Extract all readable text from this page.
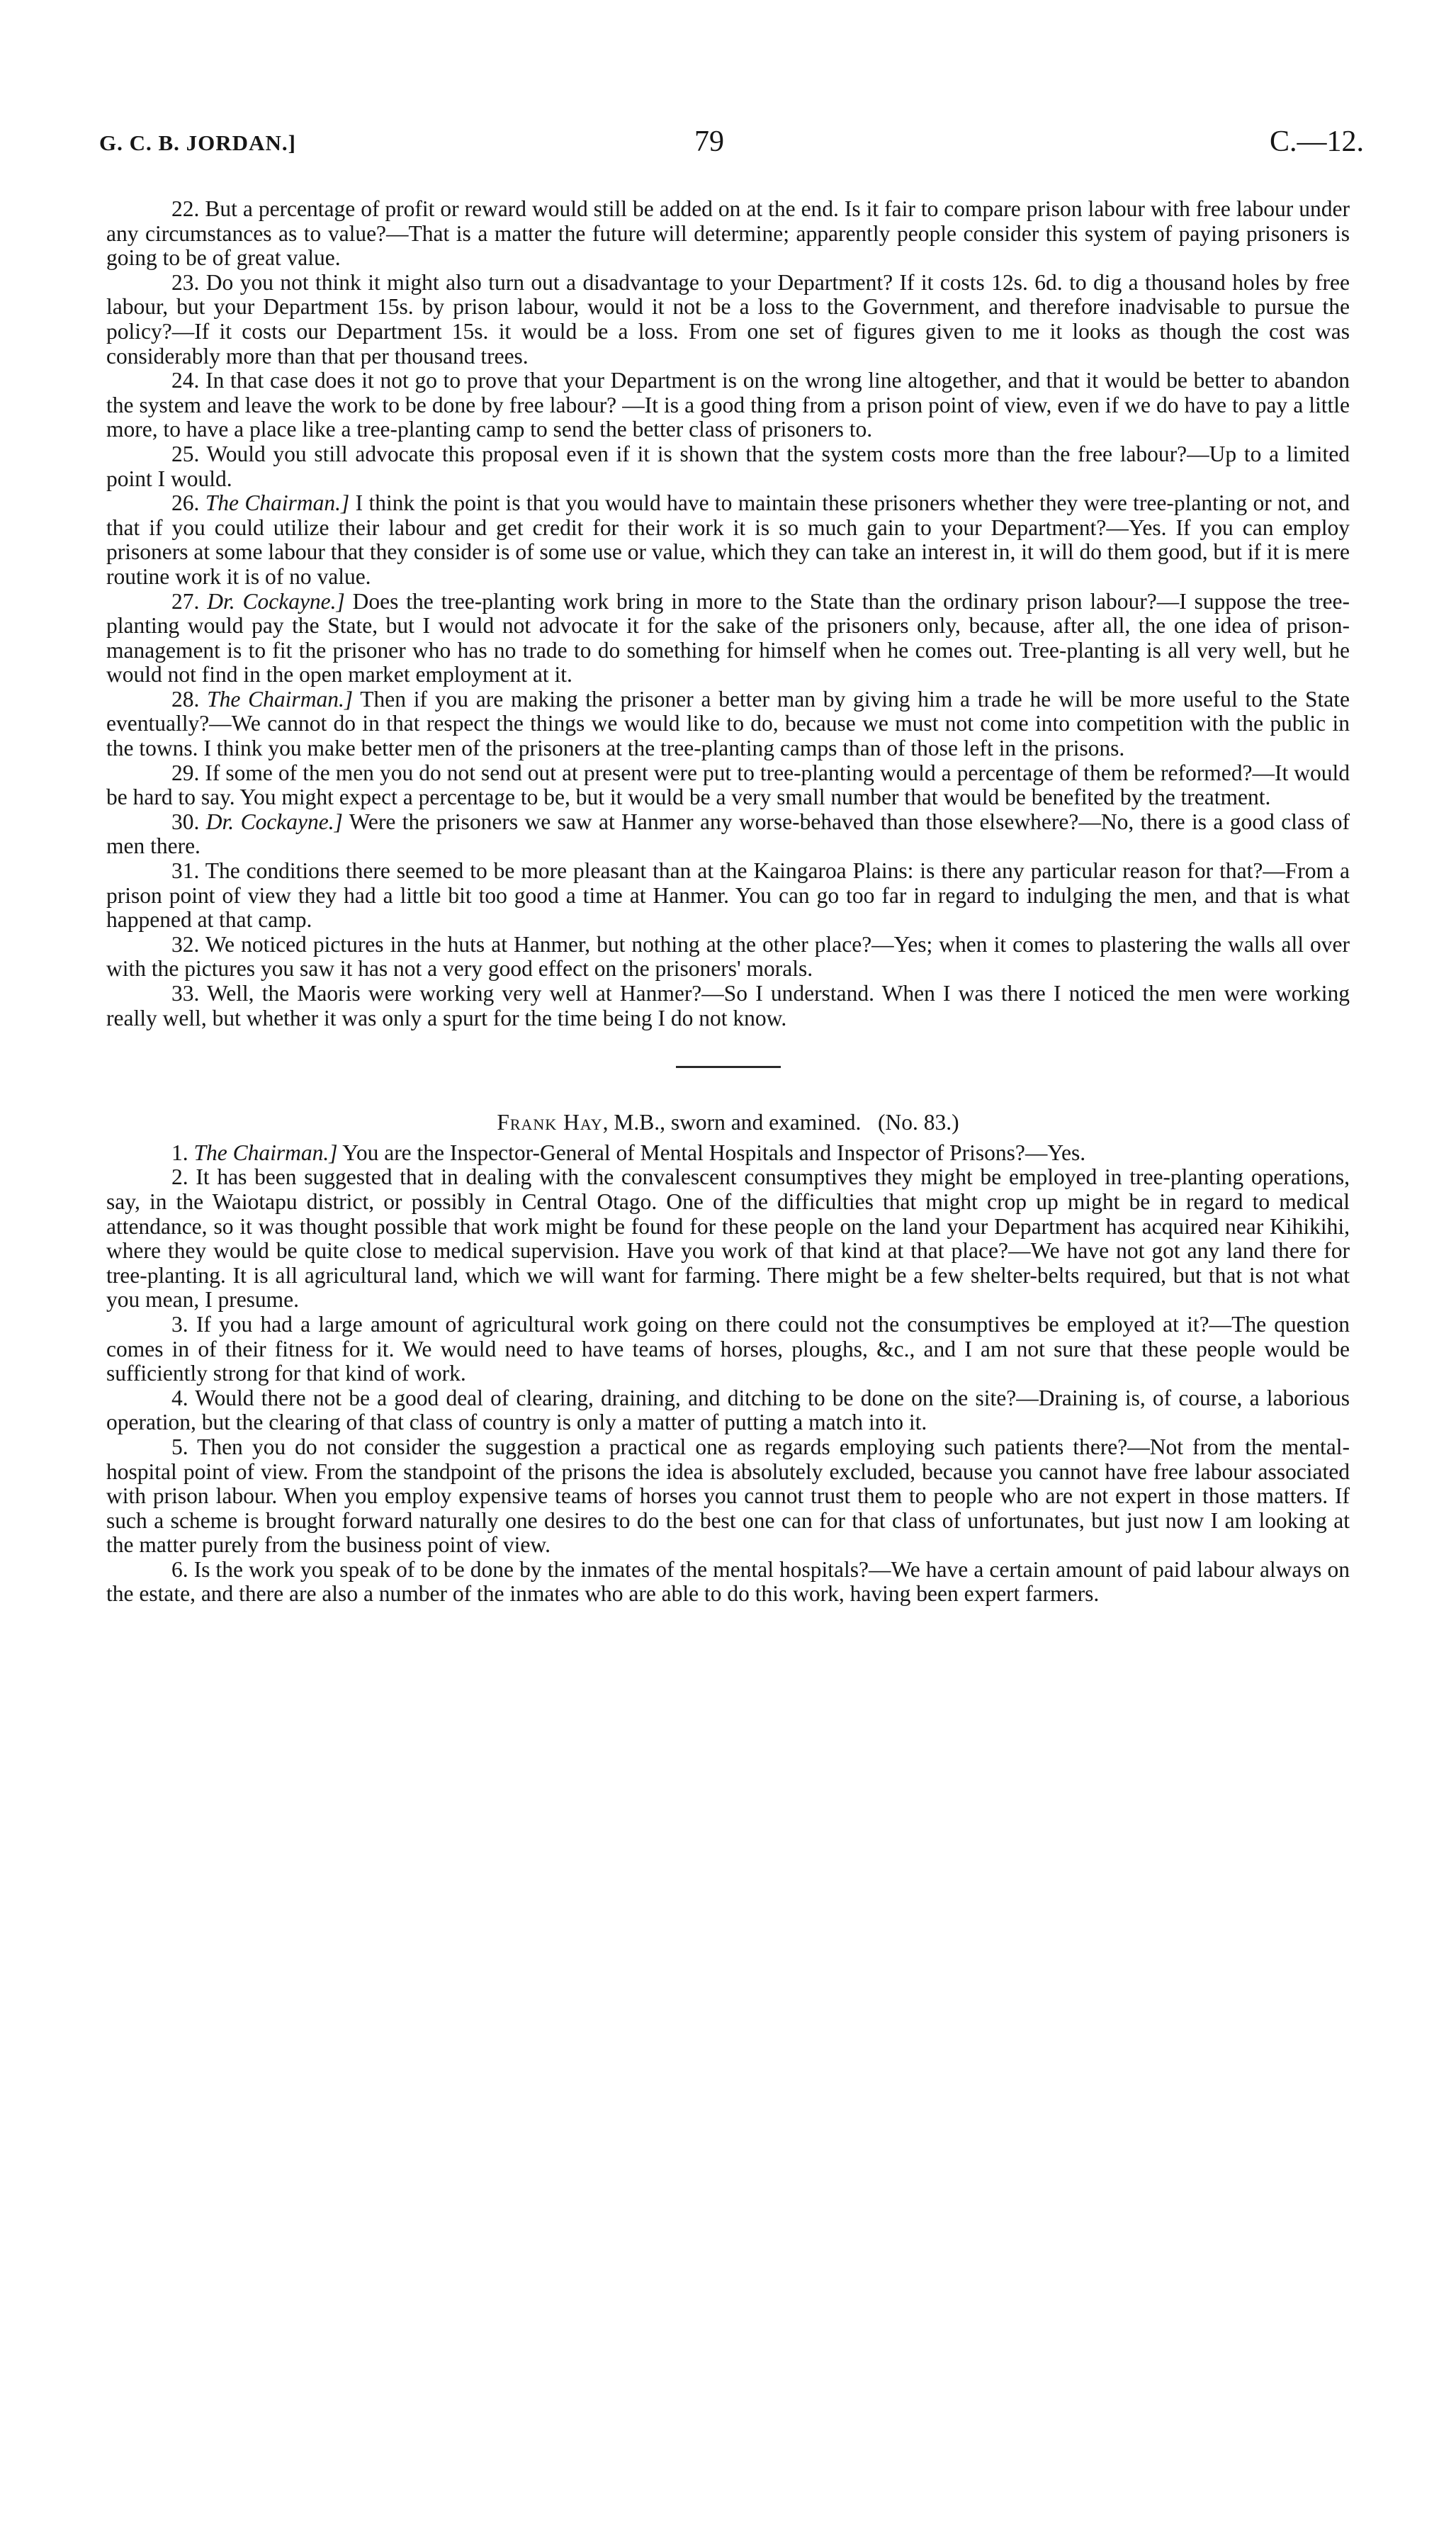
G. C. B. JORDAN.]	79	C.—12.

22. But a percentage of profit or reward would still be added on at the end. Is it fair to compare prison labour with free labour under any circumstances as to value?—That is a matter the future will determine; apparently people consider this system of paying prisoners is going to be of great value.

23. Do you not think it might also turn out a disadvantage to your Department? If it costs 12s. 6d. to dig a thousand holes by free labour, but your Department 15s. by prison labour, would it not be a loss to the Government, and therefore inadvisable to pursue the policy?—If it costs our Department 15s. it would be a loss. From one set of figures given to me it looks as though the cost was considerably more than that per thousand trees.

24. In that case does it not go to prove that your Department is on the wrong line altogether, and that it would be better to abandon the system and leave the work to be done by free labour? —It is a good thing from a prison point of view, even if we do have to pay a little more, to have a place like a tree-planting camp to send the better class of prisoners to.

25. Would you still advocate this proposal even if it is shown that the system costs more than the free labour?—Up to a limited point I would.

26. The Chairman.] I think the point is that you would have to maintain these prisoners whether they were tree-planting or not, and that if you could utilize their labour and get credit for their work it is so much gain to your Department?—Yes. If you can employ prisoners at some labour that they consider is of some use or value, which they can take an interest in, it will do them good, but if it is mere routine work it is of no value.

27. Dr. Cockayne.] Does the tree-planting work bring in more to the State than the ordinary prison labour?—I suppose the tree-planting would pay the State, but I would not advocate it for the sake of the prisoners only, because, after all, the one idea of prison-management is to fit the prisoner who has no trade to do something for himself when he comes out. Tree-planting is all very well, but he would not find in the open market employment at it.

28. The Chairman.] Then if you are making the prisoner a better man by giving him a trade he will be more useful to the State eventually?—We cannot do in that respect the things we would like to do, because we must not come into competition with the public in the towns. I think you make better men of the prisoners at the tree-planting camps than of those left in the prisons.

29. If some of the men you do not send out at present were put to tree-planting would a percentage of them be reformed?—It would be hard to say. You might expect a percentage to be, but it would be a very small number that would be benefited by the treatment.

30. Dr. Cockayne.] Were the prisoners we saw at Hanmer any worse-behaved than those elsewhere?—No, there is a good class of men there.

31. The conditions there seemed to be more pleasant than at the Kaingaroa Plains: is there any particular reason for that?—From a prison point of view they had a little bit too good a time at Hanmer. You can go too far in regard to indulging the men, and that is what happened at that camp.

32. We noticed pictures in the huts at Hanmer, but nothing at the other place?—Yes; when it comes to plastering the walls all over with the pictures you saw it has not a very good effect on the prisoners' morals.

33. Well, the Maoris were working very well at Hanmer?—So I understand. When I was there I noticed the men were working really well, but whether it was only a spurt for the time being I do not know.

Frank Hay, M.B., sworn and examined. (No. 83.)

1. The Chairman.] You are the Inspector-General of Mental Hospitals and Inspector of Prisons?—Yes.

2. It has been suggested that in dealing with the convalescent consumptives they might be employed in tree-planting operations, say, in the Waiotapu district, or possibly in Central Otago. One of the difficulties that might crop up might be in regard to medical attendance, so it was thought possible that work might be found for these people on the land your Department has acquired near Kihikihi, where they would be quite close to medical supervision. Have you work of that kind at that place?—We have not got any land there for tree-planting. It is all agricultural land, which we will want for farming. There might be a few shelter-belts required, but that is not what you mean, I presume.

3. If you had a large amount of agricultural work going on there could not the consumptives be employed at it?—The question comes in of their fitness for it. We would need to have teams of horses, ploughs, &c., and I am not sure that these people would be sufficiently strong for that kind of work.

4. Would there not be a good deal of clearing, draining, and ditching to be done on the site?—Draining is, of course, a laborious operation, but the clearing of that class of country is only a matter of putting a match into it.

5. Then you do not consider the suggestion a practical one as regards employing such patients there?—Not from the mental-hospital point of view. From the standpoint of the prisons the idea is absolutely excluded, because you cannot have free labour associated with prison labour. When you employ expensive teams of horses you cannot trust them to people who are not expert in those matters. If such a scheme is brought forward naturally one desires to do the best one can for that class of unfortunates, but just now I am looking at the matter purely from the business point of view.

6. Is the work you speak of to be done by the inmates of the mental hospitals?—We have a certain amount of paid labour always on the estate, and there are also a number of the inmates who are able to do this work, having been expert farmers.
